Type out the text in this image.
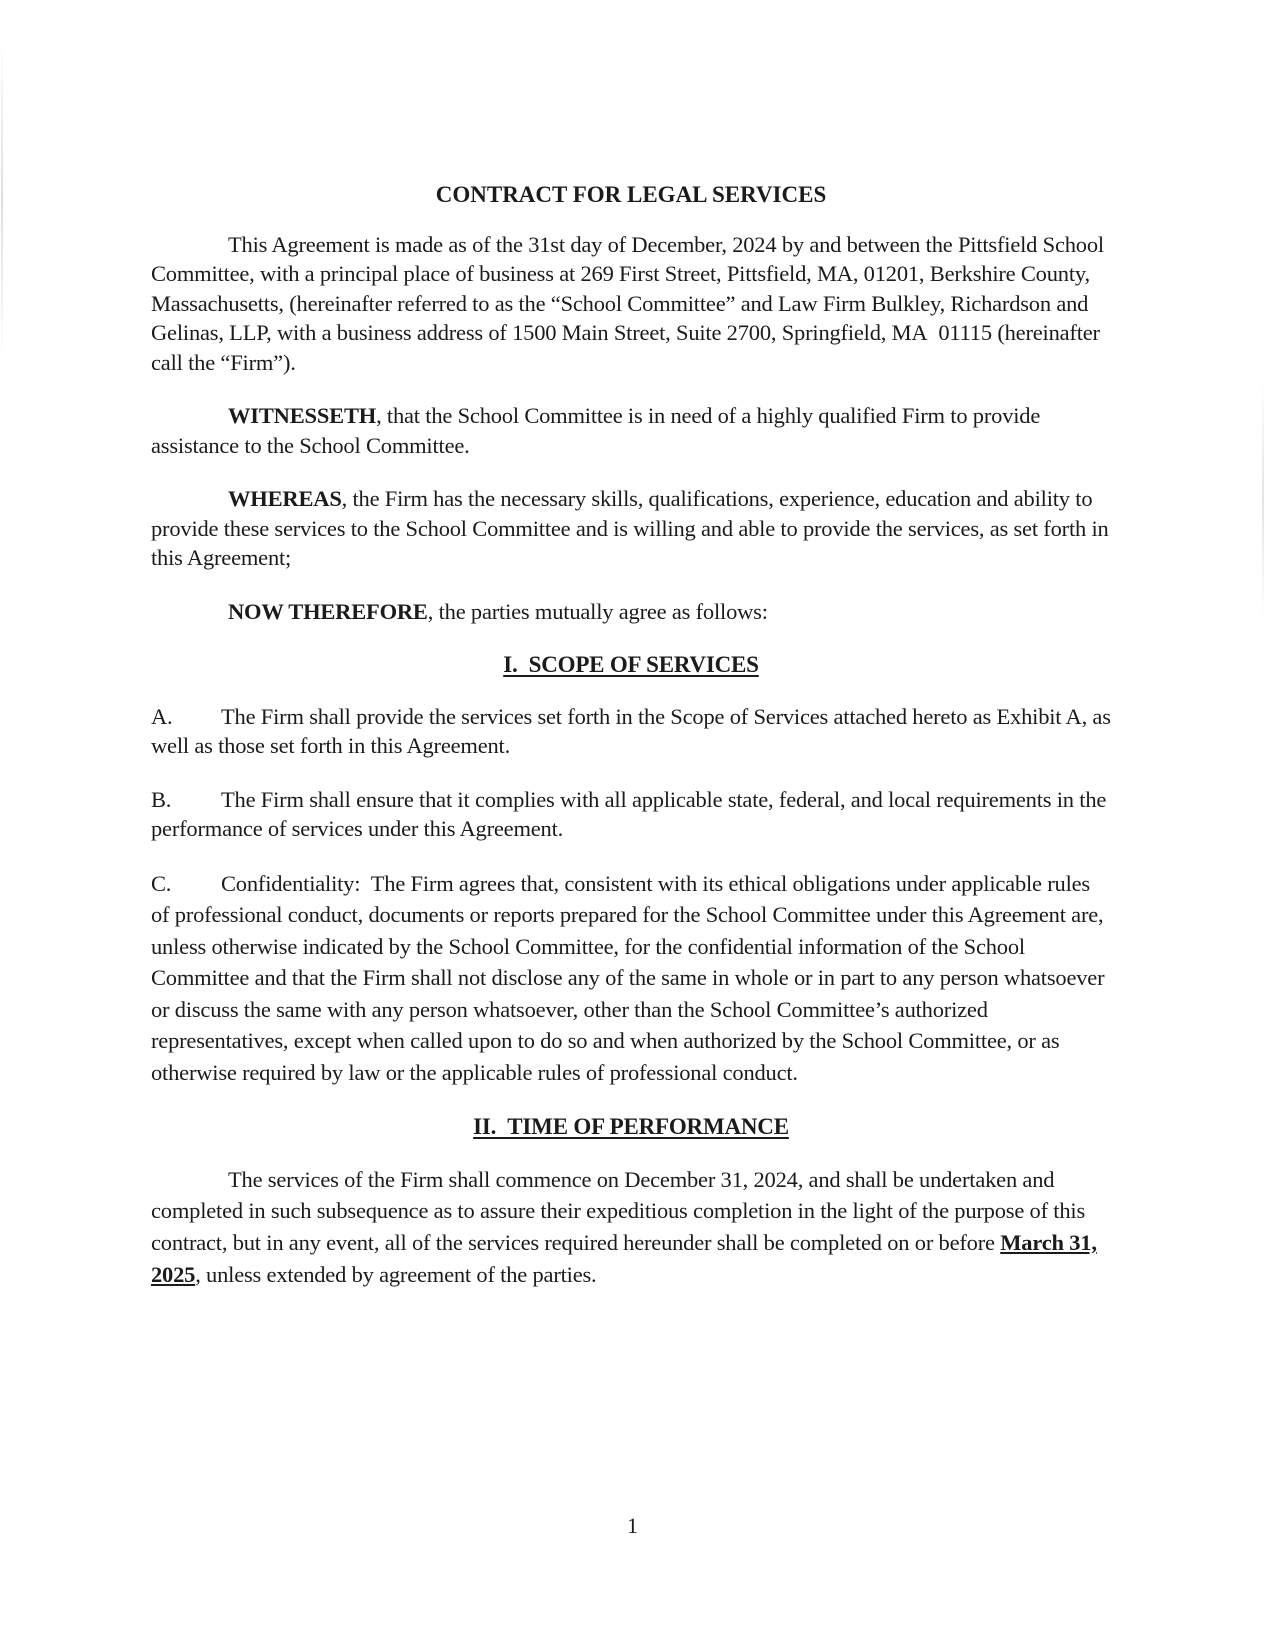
CONTRACT FOR LEGAL SERVICES

This Agreement is made as of the 31st day of December, 2024 by and between the Pittsfield School Committee, with a principal place of business at 269 First Street, Pittsfield, MA, 01201, Berkshire County, Massachusetts, (hereinafter referred to as the “School Committee” and Law Firm Bulkley, Richardson and Gelinas, LLP, with a business address of 1500 Main Street, Suite 2700, Springfield, MA  01115 (hereinafter call the “Firm”).

WITNESSETH, that the School Committee is in need of a highly qualified Firm to provide assistance to the School Committee.

WHEREAS, the Firm has the necessary skills, qualifications, experience, education and ability to provide these services to the School Committee and is willing and able to provide the services, as set forth in this Agreement;

NOW THEREFORE, the parties mutually agree as follows:

I.  SCOPE OF SERVICES

A. The Firm shall provide the services set forth in the Scope of Services attached hereto as Exhibit A, as well as those set forth in this Agreement.

B. The Firm shall ensure that it complies with all applicable state, federal, and local requirements in the performance of services under this Agreement.

C. Confidentiality:  The Firm agrees that, consistent with its ethical obligations under applicable rules of professional conduct, documents or reports prepared for the School Committee under this Agreement are, unless otherwise indicated by the School Committee, for the confidential information of the School Committee and that the Firm shall not disclose any of the same in whole or in part to any person whatsoever or discuss the same with any person whatsoever, other than the School Committee’s authorized representatives, except when called upon to do so and when authorized by the School Committee, or as otherwise required by law or the applicable rules of professional conduct.

II.  TIME OF PERFORMANCE

The services of the Firm shall commence on December 31, 2024, and shall be undertaken and completed in such subsequence as to assure their expeditious completion in the light of the purpose of this contract, but in any event, all of the services required hereunder shall be completed on or before March 31, 2025, unless extended by agreement of the parties.

1
